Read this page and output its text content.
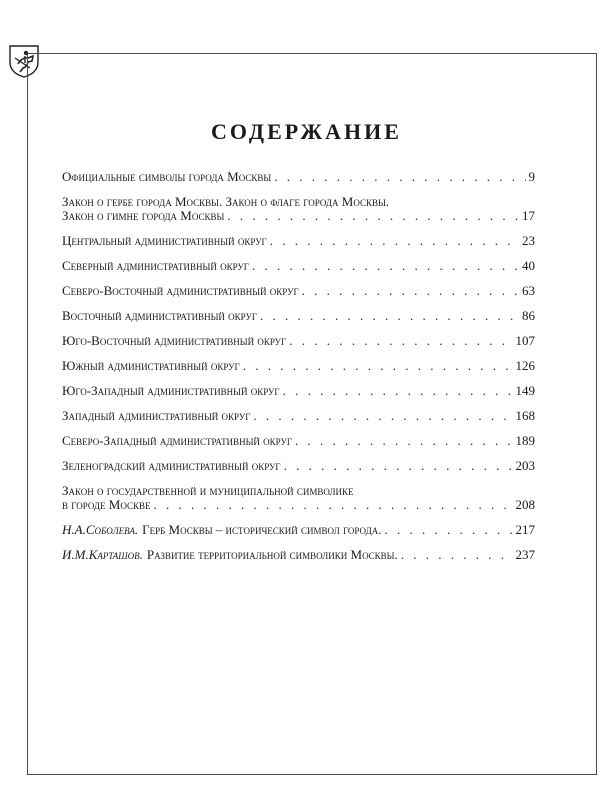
СОДЕРЖАНИЕ
Официальные символы города Москвы . . .	9
Закон о гербе города Москвы. Закон о флаге города Москвы.
Закон о гимне города Москвы . . .	17
Центральный административный округ . . .	23
Северный административный округ . . .	40
Северо-Восточный административный округ . . .	63
Восточный административный округ . . .	86
Юго-Восточный административный округ . . .	107
Южный административный округ . . .	126
Юго-Западный административный округ . . .	149
Западный административный округ . . .	168
Северо-Западный административный округ . . .	189
Зеленоградский административный округ . . .	203
Закон о государственной и муниципальной символике
в городе Москве . . .	208
Н.А.Соболева. Герб Москвы – исторический символ города. . . .	217
И.М.Карташов. Развитие территориальной символики Москвы. . . .	237
